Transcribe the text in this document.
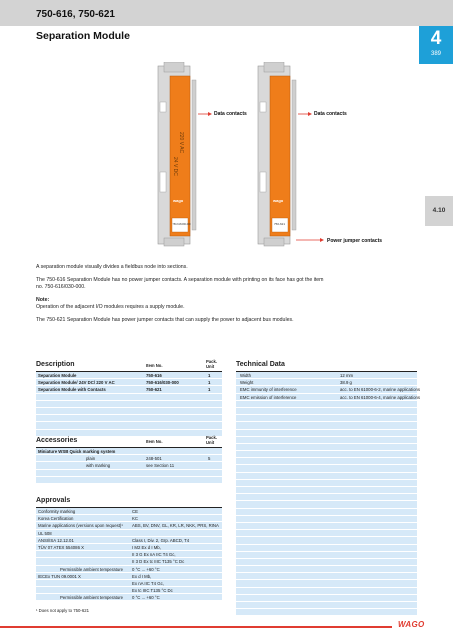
750-616, 750-621
Separation Module	4
389
4.10
220 V AC
24 V DC
wago
750-616/030-000
wago
750-621
Data contacts	Data contacts
Power jumper contacts

A separation module visually divides a fieldbus node into sections.

The 750-616 Separation Module has no power jumper contacts. A separation module with printing on its face has got the item no. 750-616/030-000.

Note:

Operation of the adjacent I/O modules requires a supply module.

The 750-621 Separation Module has power jumper contacts that can supply the power to adjacent bus modules.

Description	Item No.
Pack. Unit
Separation Module	750-616	1
Separation Module/ 24V DC/ 220 V AC	750-616/030-000	1
Separation Module with Contacts	750-621	1
Accessories	Item No.
Pack. Unit
Miniature WSB Quick marking system
plain	248-501	5
with marking	see Section 11
Technical Data
Width	12 mm
Weight	38.9 g
EMC immunity of interference	acc. to EN 61000-6-2, marine applications
EMC emission of interference	acc. to EN 61000-6-4, marine applications
Approvals
Conformity marking	CE
Korea Certification	KC
Marine applications (versions upon request)¹ ABS, BV, DNV, GL, KR, LR, NKK, PRS, RINA
UL 508
ANSI/ISA 12.12.01	Class I, Div. 2, Grp. ABCD, T4
TÜV 07 ATEX 554086 X	I M2 Ex d I Mb,
II 3 G Ex nA IIC T4 Gc,
II 3 D Ex tc IIIC T135 °C Dc
Permissible ambient temperature 0 °C ... +60 °C
IECEx TUN 09.0001 X	Ex d I Mb,
Ex nA IIC T4 Gc,
Ex tc IIIC T135 °C Dc
Permissible ambient temperature 0 °C ... +60 °C
¹ Does not apply to 750-621
WAGO
